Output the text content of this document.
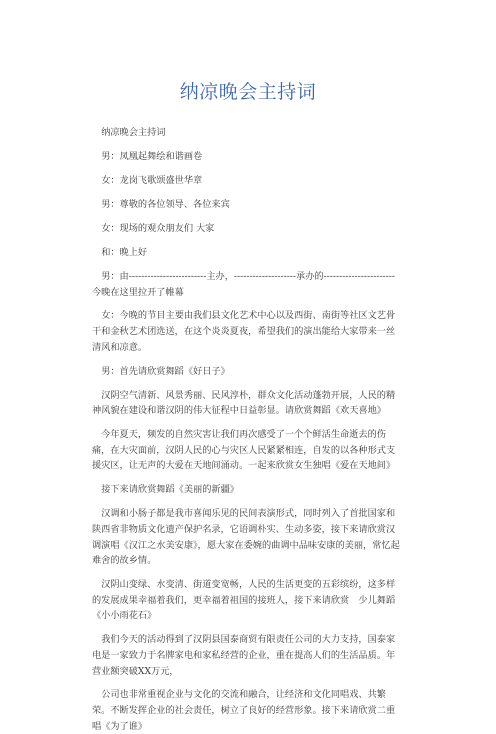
纳凉晚会主持词

纳凉晚会主持词

男：凤凰起舞绘和谐画卷

女：龙岗飞歌颂盛世华章

男：尊敬的各位领导、各位来宾

女：现场的观众朋友们 大家

和：晚上好

男：由-------------------------主办，--------------------承办的-----------------------今晚在这里拉开了帷幕

女：今晚的节目主要由我们县文化艺术中心以及西街、南街等社区文艺骨干和金秋艺术团选送，在这个炎炎夏夜，希望我们的演出能给大家带来一丝清风和凉意。

男：首先请欣赏舞蹈《好日子》

汉阴空气清新、风景秀丽、民风淳朴，群众文化活动蓬勃开展，人民的精神风貌在建设和谐汉阴的伟大征程中日益彰显。请欣赏舞蹈《欢天喜地》

今年夏天，频发的自然灾害让我们再次感受了一个个鲜活生命逝去的伤痛，在大灾面前，汉阴人民的心与灾区人民紧紧相连，自发的以各种形式支援灾区，让无声的大爱在天地间涌动。一起来欣赏女生独唱《爱在天地间》

接下来请欣赏舞蹈《美丽的新疆》

汉调和小肠子都是我市喜闻乐见的民间表演形式，同时列入了首批国家和陕西省非物质文化遗产保护名录，它语调朴实、生动多姿，接下来请欣赏汉调演唱《汉江之水美安康》，愿大家在委婉的曲调中品味安康的美丽，常忆起难舍的故乡情。

汉阴山变绿、水变清、街道变宽畅，人民的生活更变的五彩缤纷，这多样的发展成果幸福着我们，更幸福着祖国的接班人，接下来请欣赏　少儿舞蹈《小小雨花石》

我们今天的活动得到了汉阴县国泰商贸有限责任公司的大力支持，国泰家电是一家致力于名牌家电和家私经营的企业，重在提高人们的生活品质。年营业额突破XX万元，

公司也非常重视企业与文化的交流和融合，让经济和文化同唱戏、共繁荣。不断发挥企业的社会责任，树立了良好的经营形象。接下来请欣赏二重唱《为了谁》
